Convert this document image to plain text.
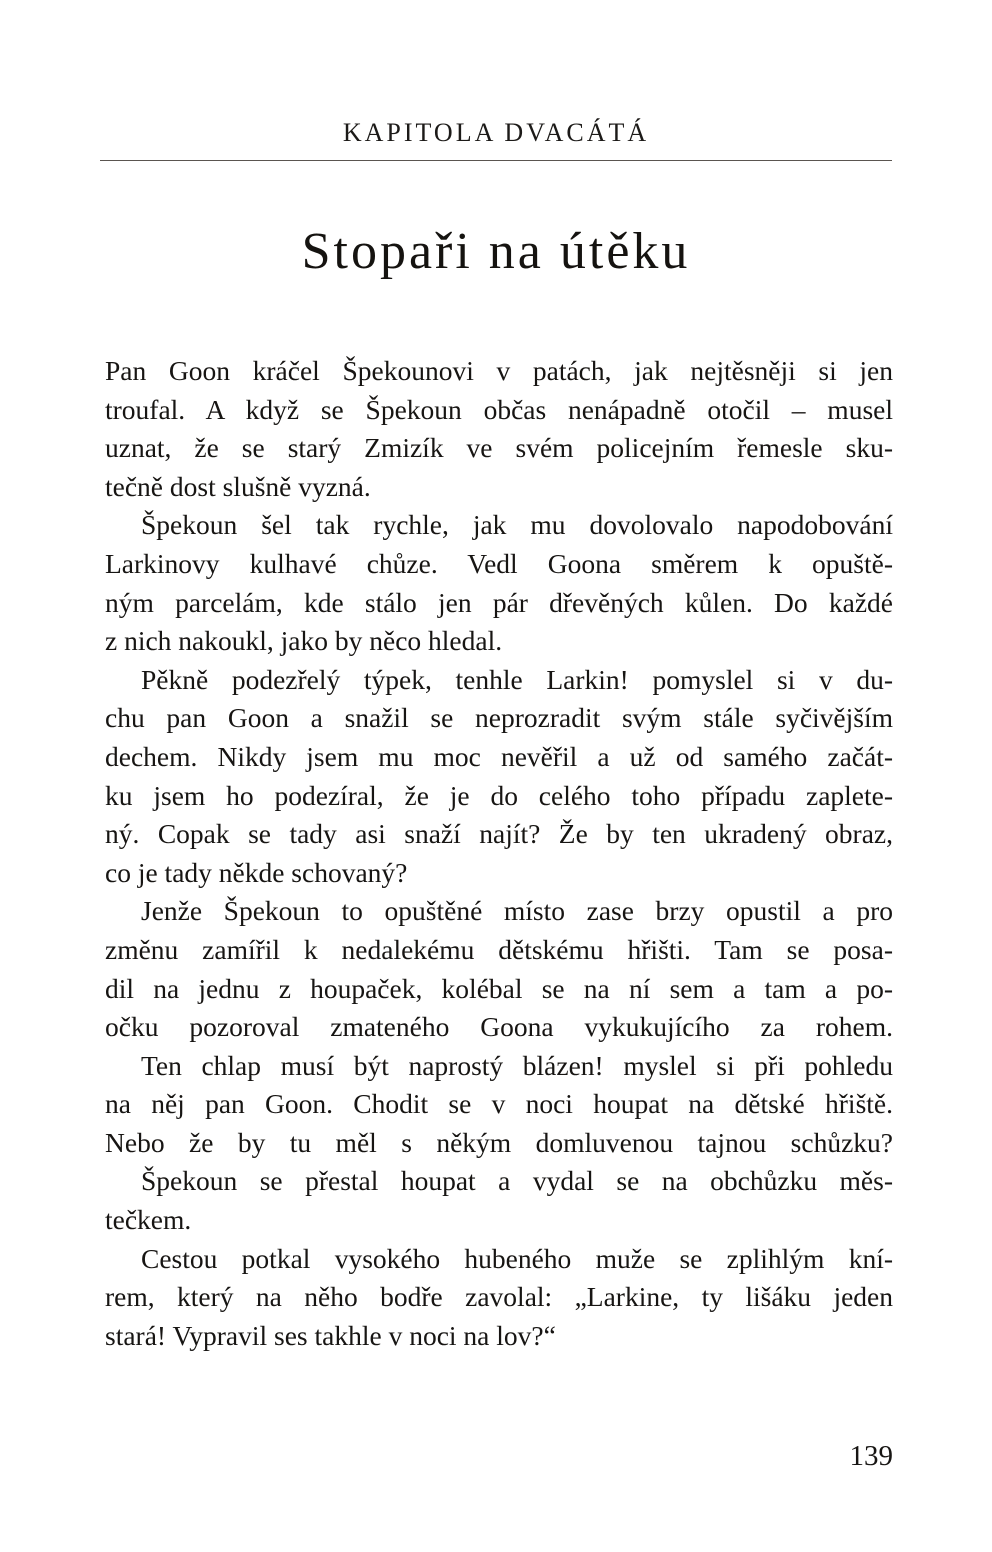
KAPITOLA DVACÁTÁ
Stopaři na útěku
Pan Goon kráčel Špekounovi v patách, jak nejtěsněji si jen
troufal. A když se Špekoun občas nenápadně otočil – musel
uznat, že se starý Zmizík ve svém policejním řemesle sku-
tečně dost slušně vyzná.
Špekoun šel tak rychle, jak mu dovolovalo napodobování
Larkinovy kulhavé chůze. Vedl Goona směrem k opuště-
ným parcelám, kde stálo jen pár dřevěných kůlen. Do každé
z nich nakoukl, jako by něco hledal.
Pěkně podezřelý týpek, tenhle Larkin! pomyslel si v du-
chu pan Goon a snažil se neprozradit svým stále syčivějším
dechem. Nikdy jsem mu moc nevěřil a už od samého začát-
ku jsem ho podezíral, že je do celého toho případu zaplete-
ný. Copak se tady asi snaží najít? Že by ten ukradený obraz,
co je tady někde schovaný?
Jenže Špekoun to opuštěné místo zase brzy opustil a pro
změnu zamířil k nedalekému dětskému hřišti. Tam se posa-
dil na jednu z houpaček, kolébal se na ní sem a tam a po-
očku pozoroval zmateného Goona vykukujícího za rohem.
Ten chlap musí být naprostý blázen! myslel si při pohledu
na něj pan Goon. Chodit se v noci houpat na dětské hřiště.
Nebo že by tu měl s někým domluvenou tajnou schůzku?
Špekoun se přestal houpat a vydal se na obchůzku měs-
tečkem.
Cestou potkal vysokého hubeného muže se zplihlým kní-
rem, který na něho bodře zavolal: „Larkine, ty lišáku jeden
stará! Vypravil ses takhle v noci na lov?“
139
